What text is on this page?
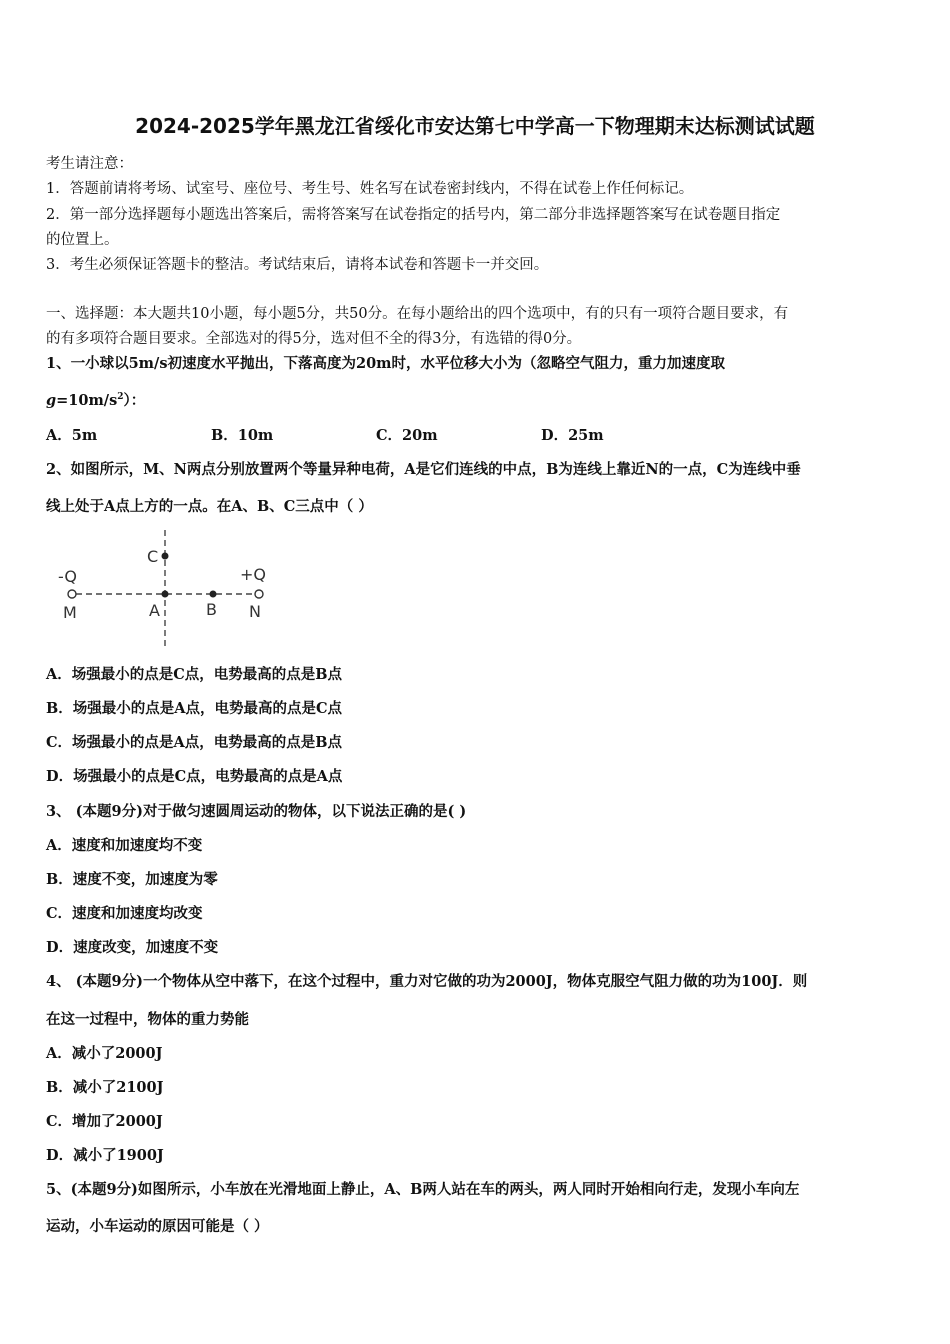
2024-2025学年黑龙江省绥化市安达第七中学高一下物理期末达标测试试题
考生请注意：
1．答题前请将考场、试室号、座位号、考生号、姓名写在试卷密封线内，不得在试卷上作任何标记。
2．第一部分选择题每小题选出答案后，需将答案写在试卷指定的括号内，第二部分非选择题答案写在试卷题目指定
的位置上。
3．考生必须保证答题卡的整洁。考试结束后，请将本试卷和答题卡一并交回。
一、选择题：本大题共10小题，每小题5分，共50分。在每小题给出的四个选项中，有的只有一项符合题目要求，有
的有多项符合题目要求。全部选对的得5分，选对但不全的得3分，有选错的得0分。
1、一小球以5m/s初速度水平抛出，下落高度为20m时，水平位移大小为（忽略空气阻力，重力加速度取
$g=10m/s^2$）：
A．5m	B．10m	C．20m	D．25m
2、如图所示，M、N两点分别放置两个等量异种电荷，A是它们连线的中点，B为连线上靠近N的一点，C为连线中垂
线上处于A点上方的一点。在A、B、C三点中（ ）
-Q	+Q
M	N
A	B
C
A．场强最小的点是C点，电势最高的点是B点
B．场强最小的点是A点，电势最高的点是C点
C．场强最小的点是A点，电势最高的点是B点
D．场强最小的点是C点，电势最高的点是A点
3、 (本题9分)对于做匀速圆周运动的物体，以下说法正确的是( )
A．速度和加速度均不变
B．速度不变，加速度为零
C．速度和加速度均改变
D．速度改变，加速度不变
4、 (本题9分)一个物体从空中落下，在这个过程中，重力对它做的功为2000J，物体克服空气阻力做的功为100J．则
在这一过程中，物体的重力势能
A．减小了2000J
B．减小了2100J
C．增加了2000J
D．减小了1900J
5、(本题9分)如图所示，小车放在光滑地面上静止，A、B两人站在车的两头，两人同时开始相向行走，发现小车向左
运动，小车运动的原因可能是（ ）
